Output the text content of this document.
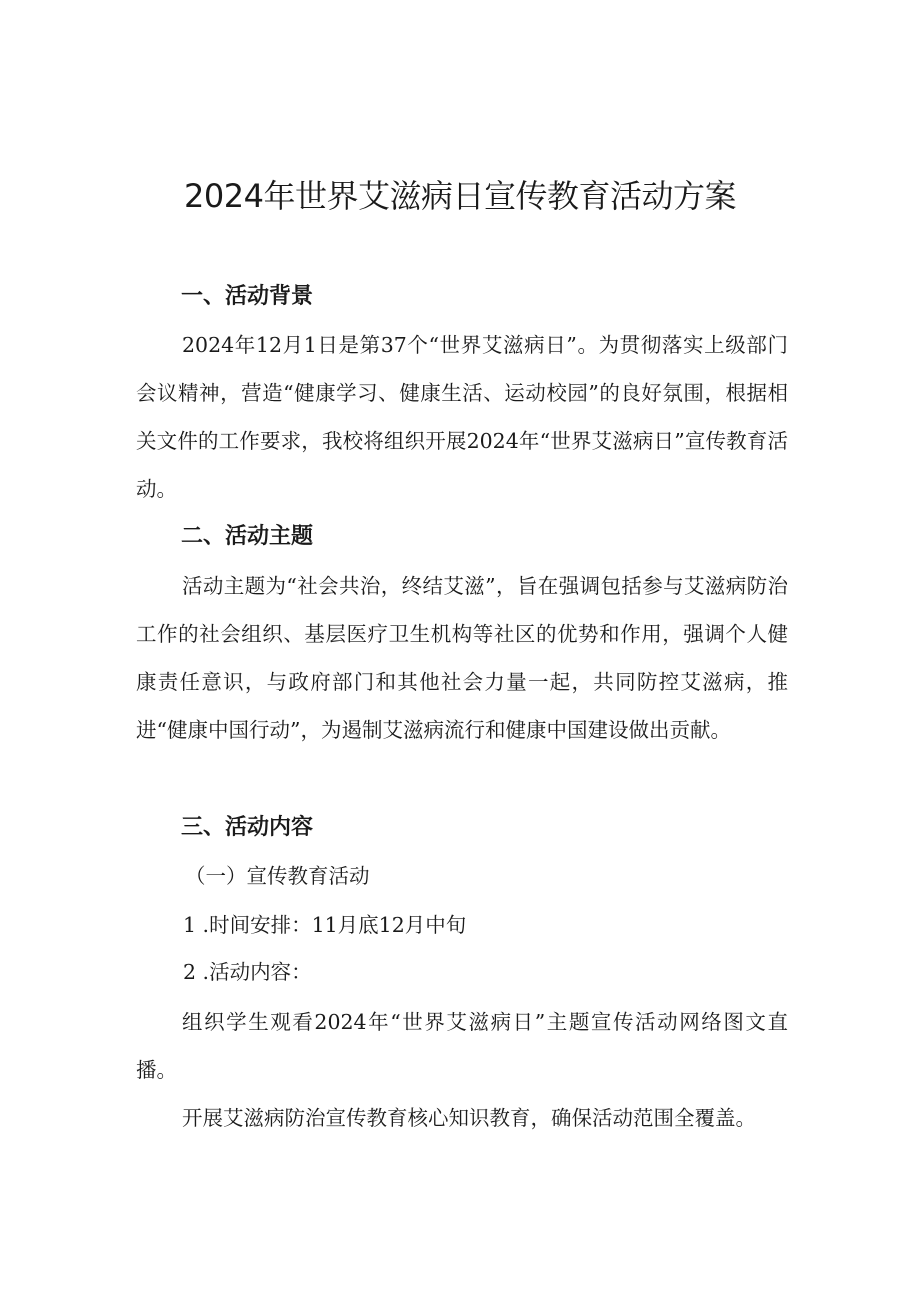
2024年世界艾滋病日宣传教育活动方案
一、活动背景

2024年12月1日是第37个“世界艾滋病日”。为贯彻落实上级部门会议精神，营造“健康学习、健康生活、运动校园”的良好氛围，根据相关文件的工作要求，我校将组织开展2024年“世界艾滋病日”宣传教育活动。

二、活动主题

活动主题为“社会共治，终结艾滋”，旨在强调包括参与艾滋病防治工作的社会组织、基层医疗卫生机构等社区的优势和作用，强调个人健康责任意识，与政府部门和其他社会力量一起，共同防控艾滋病，推进“健康中国行动”，为遏制艾滋病流行和健康中国建设做出贡献。

三、活动内容

（一）宣传教育活动

1 .时间安排：11月底12月中旬

2 .活动内容：

组织学生观看2024年“世界艾滋病日”主题宣传活动网络图文直播。

开展艾滋病防治宣传教育核心知识教育，确保活动范围全覆盖。
